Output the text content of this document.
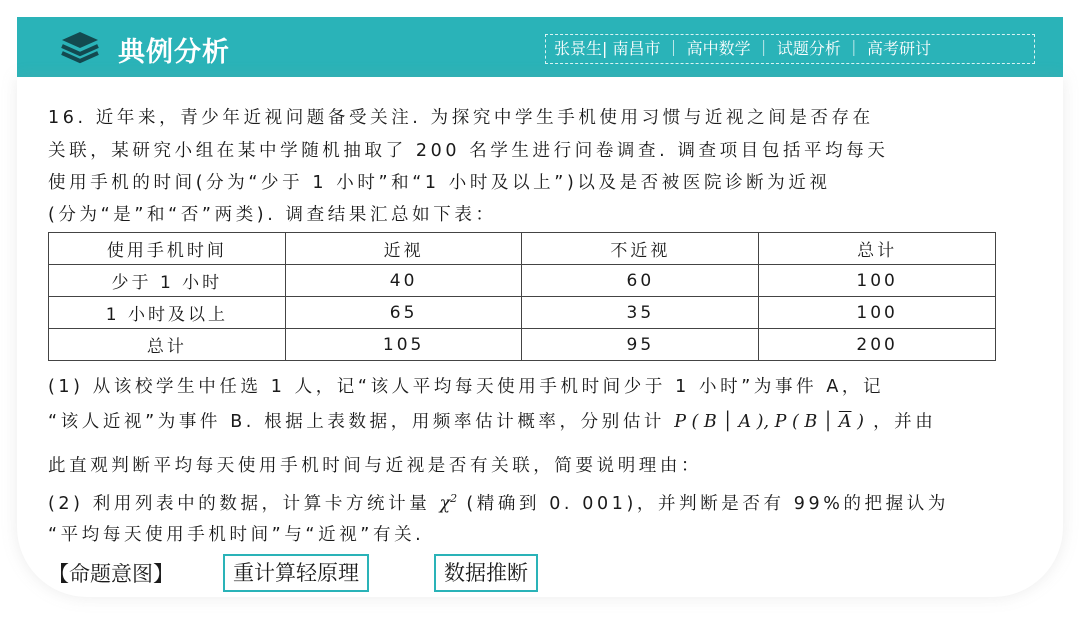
典例分析	张景生| 南昌市 ｜ 高中数学 ｜ 试题分析 ｜ 高考研讨
16. 近年来，青少年近视问题备受关注. 为探究中学生手机使用习惯与近视之间是否存在
关联，某研究小组在某中学随机抽取了 200 名学生进行问卷调查. 调查项目包括平均每天
使用手机的时间(分为“少于 1 小时”和“1 小时及以上”)以及是否被医院诊断为近视
(分为“是”和“否”两类). 调查结果汇总如下表：
使用手机时间	近视	不近视	总计
少于 1 小时	40	60	100
1 小时及以上	65	35	100
总计	105	95	200
(1) 从该校学生中任选 1 人，记“该人平均每天使用手机时间少于 1 小时”为事件 A，记
“该人近视”为事件 B. 根据上表数据，用频率估计概率，分别估计 P ( B │ A ), P ( B │ $\overline{A}$ ) ，并由
此直观判断平均每天使用手机时间与近视是否有关联，简要说明理由：
(2) 利用列表中的数据，计算卡方统计量 $\chi^2$ (精确到 0. 001)，并判断是否有 99%的把握认为
“平均每天使用手机时间”与“近视”有关.
【命题意图】	重计算轻原理	数据推断
